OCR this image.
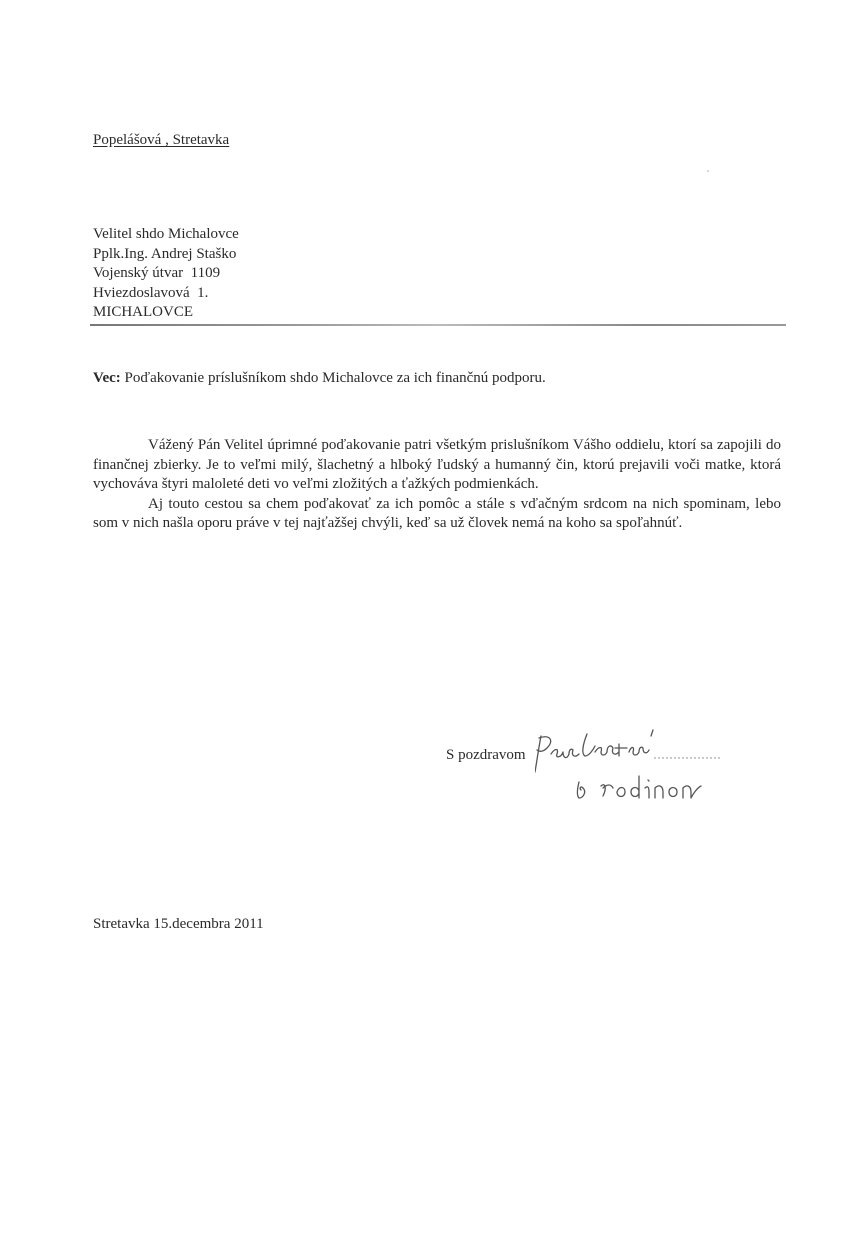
Popelášová , Stretavka
Velitel shdo Michalovce
Pplk.Ing. Andrej Staško
Vojenský útvar  1109
Hviezdoslavová  1.
MICHALOVCE
Vec: Poďakovanie príslušníkom shdo Michalovce za ich finančnú podporu.

Vážený Pán Velitel úprimné poďakovanie patri všetkým prislušníkom Vášho oddielu, ktorí sa zapojili do finančnej zbierky. Je to veľmi milý, šlachetný a hlboký ľudský a humanný čin, ktorú prejavili voči matke, ktorá vychováva štyri maloleté deti vo veľmi zložitých a ťažkých podmienkách.

Aj touto cestou sa chem poďakovať za ich pomôc a stále s vďačným srdcom na nich spominam, lebo som v nich našla oporu práve v tej najťažšej chvýli, keď sa už človek nemá na koho sa spoľahnúť.

S pozdravom
Stretavka 15.decembra 2011
